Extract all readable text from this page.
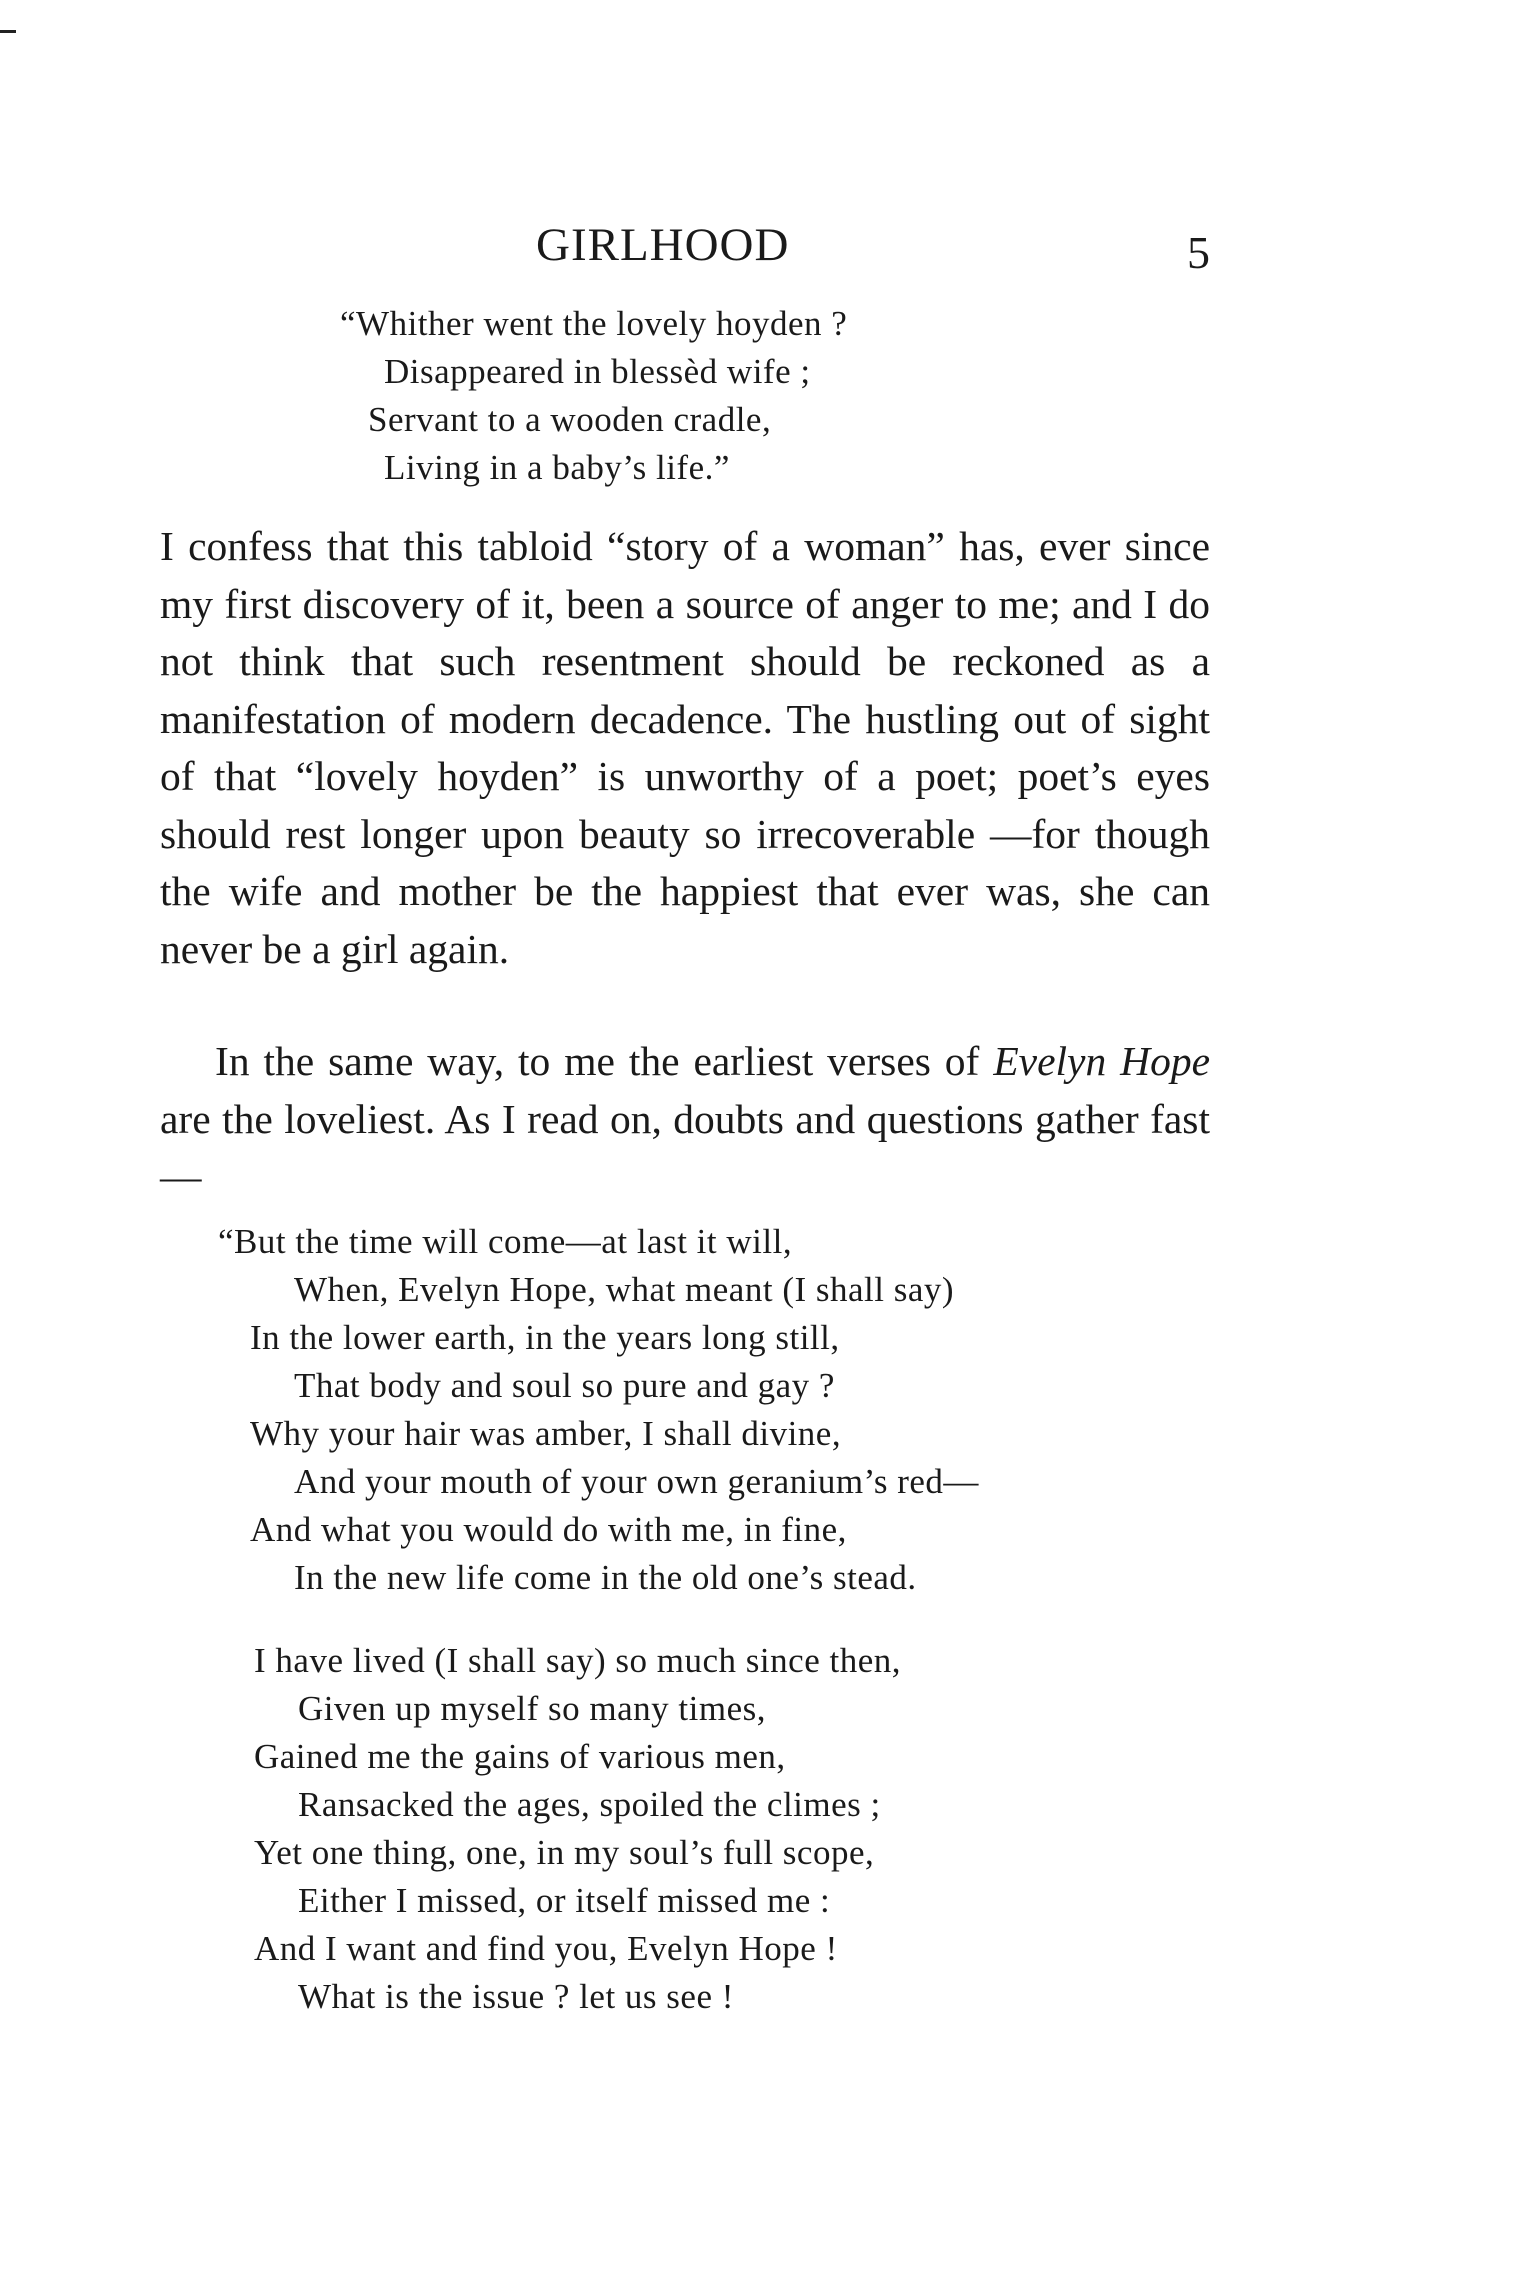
GIRLHOOD	5
“Whither went the lovely hoyden ?
Disappeared in blessèd wife ;
Servant to a wooden cradle,
Living in a baby’s life.”
I confess that this tabloid “story of a woman” has, ever since my first discovery of it, been a source of anger to me; and I do not think that such resentment should be reckoned as a manifestation of modern decadence. The hustling out of sight of that “lovely hoyden” is unworthy of a poet; poet’s eyes should rest longer upon beauty so irrecoverable —for though the wife and mother be the happiest that ever was, she can never be a girl again.
In the same way, to me the earliest verses of Evelyn Hope are the loveliest. As I read on, doubts and questions gather fast—
“But the time will come—at last it will,
When, Evelyn Hope, what meant (I shall say)
In the lower earth, in the years long still,
That body and soul so pure and gay ?
Why your hair was amber, I shall divine,
And your mouth of your own geranium’s red—
And what you would do with me, in fine,
In the new life come in the old one’s stead.
I have lived (I shall say) so much since then,
Given up myself so many times,
Gained me the gains of various men,
Ransacked the ages, spoiled the climes ;
Yet one thing, one, in my soul’s full scope,
Either I missed, or itself missed me :
And I want and find you, Evelyn Hope !
What is the issue ? let us see !
